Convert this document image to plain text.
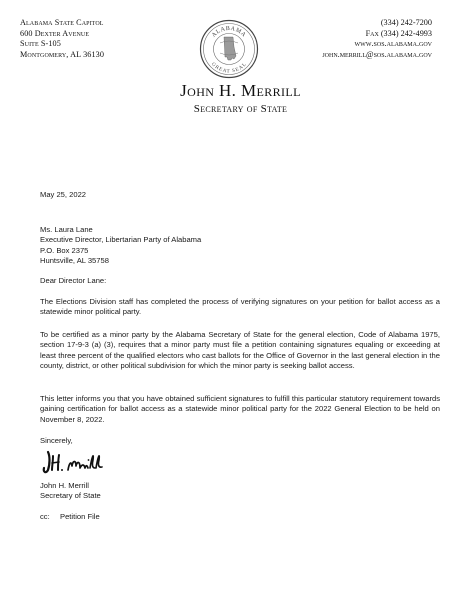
Alabama State Capitol
600 Dexter Avenue
Suite S-105
Montgomery, AL 36130
(334) 242-7200
Fax (334) 242-4993
www.sos.alabama.gov
john.merrill@sos.alabama.gov
ALABAMA
GREAT SEAL
John H. Merrill
Secretary of State
May 25, 2022
Ms. Laura Lane
Executive Director, Libertarian Party of Alabama
P.O. Box 2375
Huntsville, AL 35758
Dear Director Lane:
The Elections Division staff has completed the process of verifying signatures on your petition for ballot access as a statewide minor political party.
To be certified as a minor party by the Alabama Secretary of State for the general election, Code of Alabama 1975, section 17-9-3 (a) (3), requires that a minor party must file a petition containing signatures equaling or exceeding at least three percent of the qualified electors who cast ballots for the Office of Governor in the last general election in the county, district, or other political subdivision for which the minor party is seeking ballot access.
This letter informs you that you have obtained sufficient signatures to fulfill this particular statutory requirement towards gaining certification for ballot access as a statewide minor political party for the 2022 General Election to be held on November 8, 2022.
Sincerely,
John H. Merrill
Secretary of State
cc: Petition File
